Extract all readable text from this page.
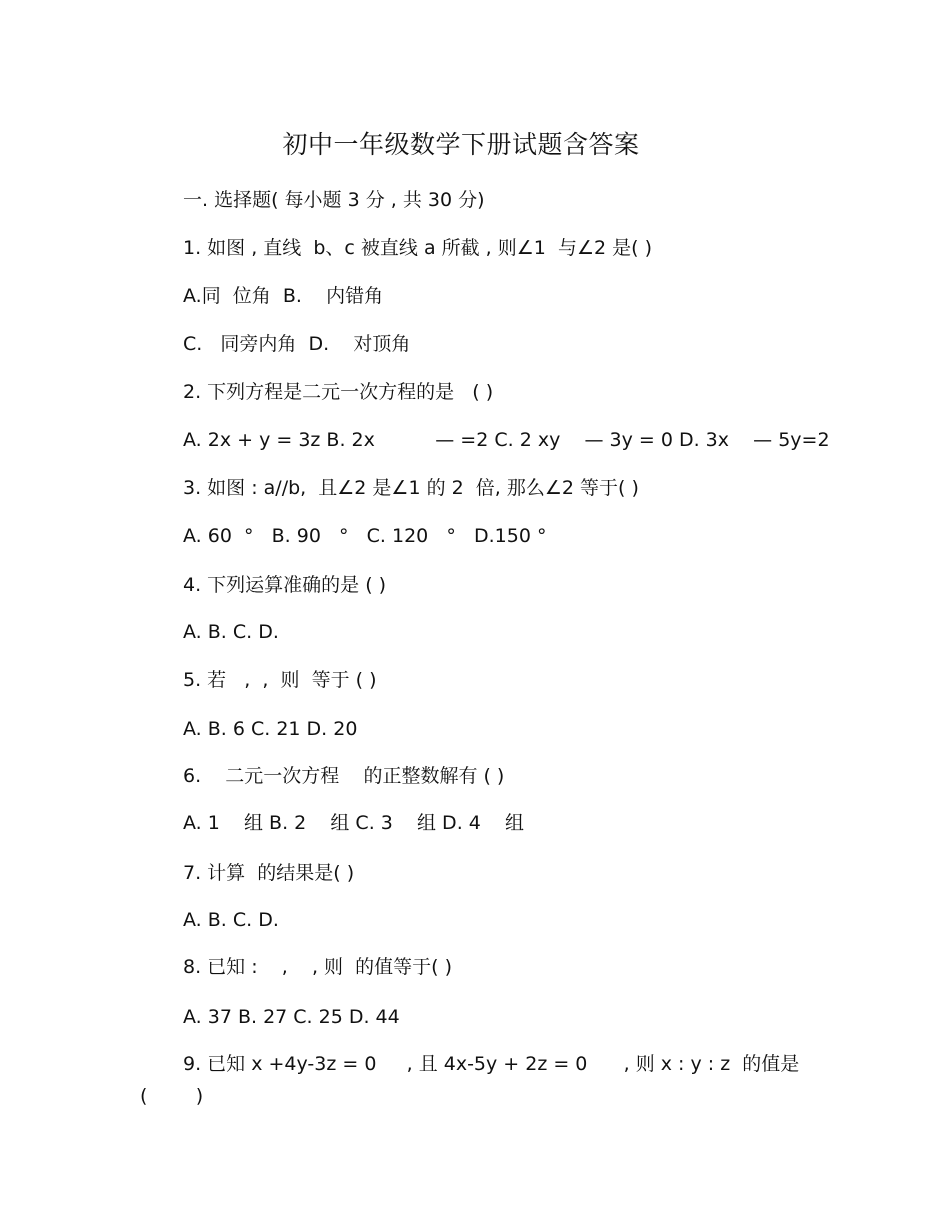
初中一年级数学下册试题含答案
一. 选择题( 每小题 3 分 , 共 30 分)
1. 如图 , 直线  b、c 被直线 a 所截 , 则∠1  与∠2 是( )
A.同  位角  B.    内错角
C.   同旁内角  D.    对顶角
2. 下列方程是二元一次方程的是   ( )
A. 2x + y = 3z B. 2x          — =2 C. 2 xy    — 3y = 0 D. 3x    — 5y=2
3. 如图 : a//b,  且∠2 是∠1 的 2  倍, 那么∠2 等于( )
A. 60  °   B. 90   °   C. 120   °   D.150 °
4. 下列运算准确的是 ( )
A. B. C. D.
5. 若   ,  ,  则  等于 ( )
A. B. 6 C. 21 D. 20
6.    二元一次方程    的正整数解有 ( )
A. 1    组 B. 2    组 C. 3    组 D. 4    组
7. 计算  的结果是( )
A. B. C. D.
8. 已知 :    ,    , 则  的值等于( )
A. 37 B. 27 C. 25 D. 44
9. 已知 x +4y-3z = 0     , 且 4x-5y + 2z = 0      , 则 x : y : z  的值是
(        )
